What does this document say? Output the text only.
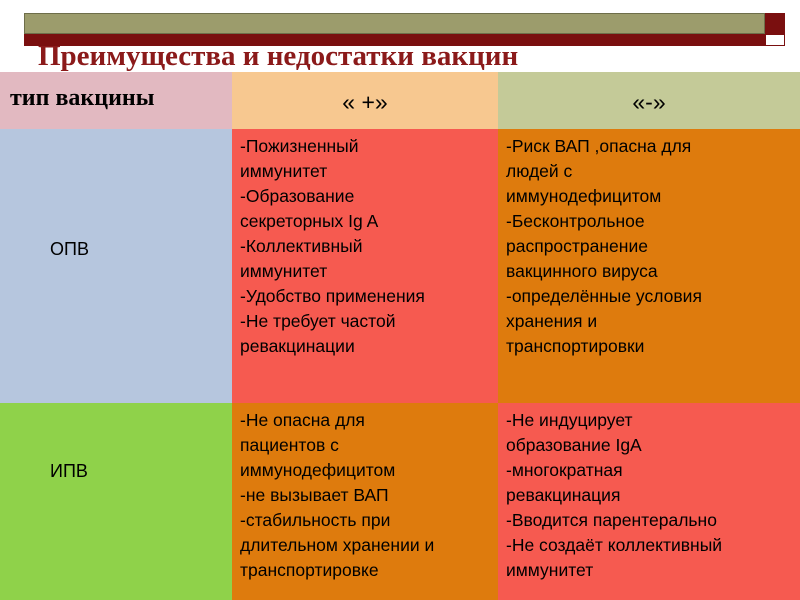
Преимущества и недостатки вакцин
тип вакцины	« +»	«-»
ОПВ
-Пожизненный
иммунитет
-Образование
секреторных Ig A
-Коллективный
иммунитет
-Удобство применения
-Не требует частой
ревакцинации
-Риск ВАП ,опасна для
людей с
иммунодефицитом
-Бесконтрольное
распространение
вакцинного вируса
-определённые условия
хранения и
транспортировки
ИПВ
-Не опасна для
пациентов с
иммунодефицитом
-не вызывает ВАП
-стабильность при
длительном хранении и
транспортировке
-Не индуцирует
образование IgA
-многократная
ревакцинация
-Вводится парентерально
-Не создаёт коллективный
иммунитет
